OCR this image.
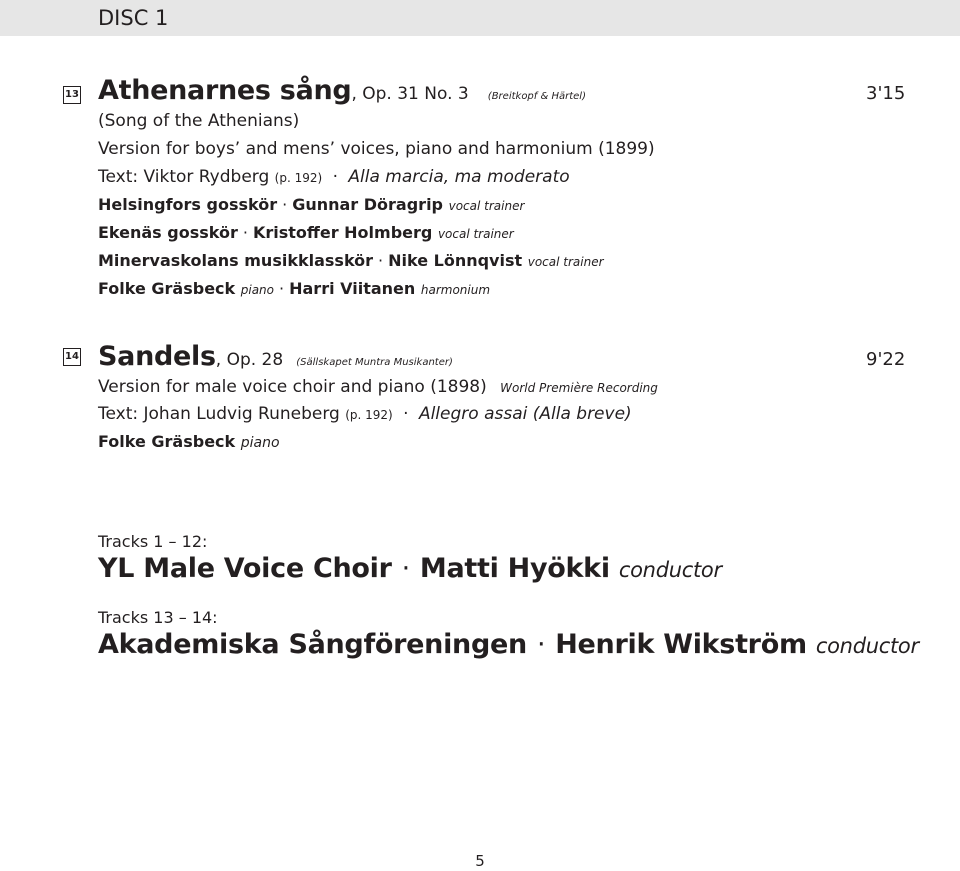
DISC 1
13 Athenarnes sång, Op. 31 No. 3 (Breitkopf & Härtel)	3'15
(Song of the Athenians)
Version for boys’ and mens’ voices, piano and harmonium (1899)
Text: Viktor Rydberg (p. 192) · Alla marcia, ma moderato
Helsingfors gosskör · Gunnar Döragrip vocal trainer
Ekenäs gosskör · Kristoffer Holmberg vocal trainer
Minervaskolans musikklasskör · Nike Lönnqvist vocal trainer
Folke Gräsbeck piano · Harri Viitanen harmonium
14 Sandels, Op. 28 (Sällskapet Muntra Musikanter)	9'22
Version for male voice choir and piano (1898) World Première Recording
Text: Johan Ludvig Runeberg (p. 192) · Allegro assai (Alla breve)
Folke Gräsbeck piano
Tracks 1 – 12:
YL Male Voice Choir · Matti Hyökki conductor
Tracks 13 – 14:
Akademiska Sångföreningen · Henrik Wikström conductor
5
